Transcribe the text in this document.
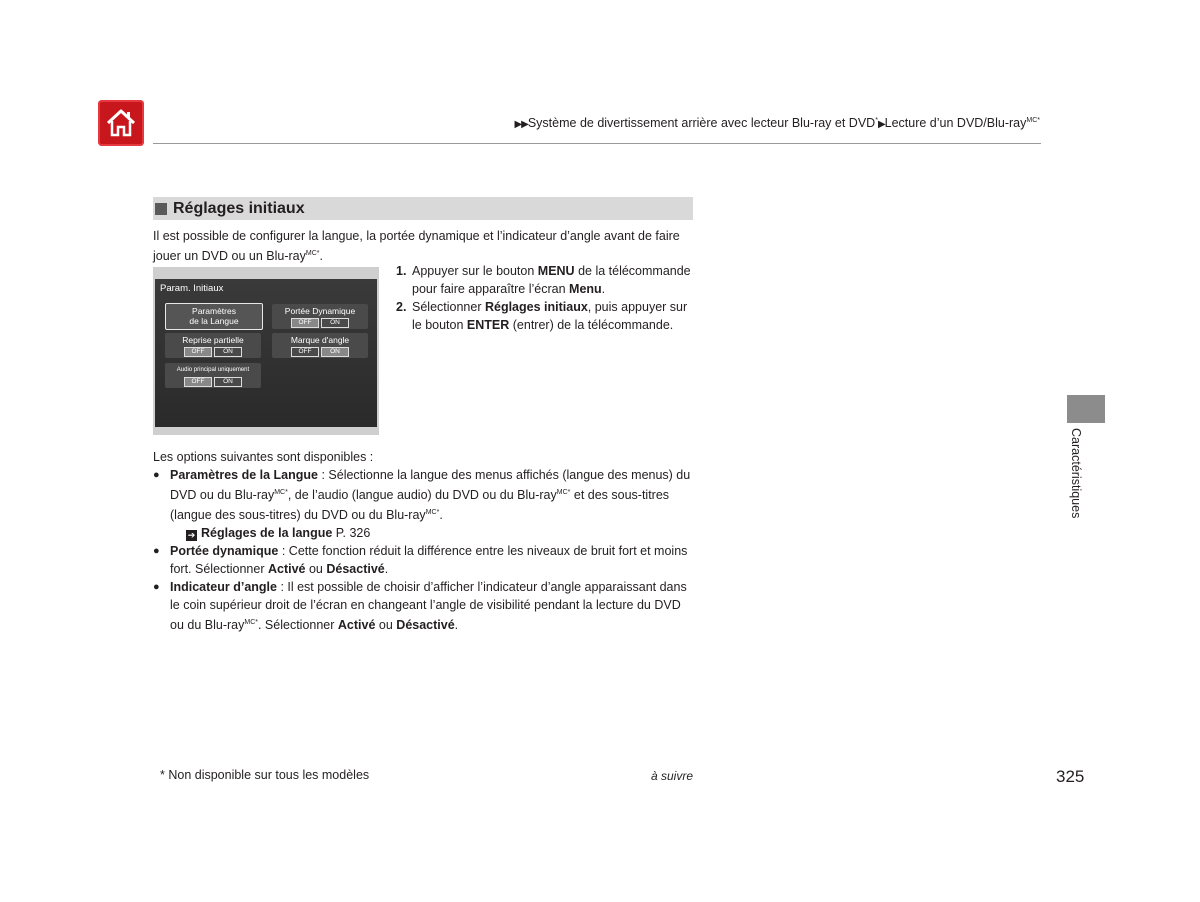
▶▶Système de divertissement arrière avec lecteur Blu-ray et DVD*▶Lecture d’un DVD/Blu-ray$^{MC*}$
Réglages initiaux
Il est possible de configurer la langue, la portée dynamique et l’indicateur d’angle avant de faire jouer un DVD ou un Blu-ray$^{MC*}$.
Param. Initiaux
Paramètres
de la Langue
Portée Dynamique
OFF	ON
Reprise partielle
OFF	ON
Marque d'angle
OFF	ON
Audio principal uniquement
OFF	ON
1. Appuyer sur le bouton MENU de la télécommande pour faire apparaître l’écran Menu.
2. Sélectionner Réglages initiaux, puis appuyer sur le bouton ENTER (entrer) de la télécommande.
Les options suivantes sont disponibles :
● Paramètres de la Langue : Sélectionne la langue des menus affichés (langue des menus) du DVD ou du Blu-ray$^{MC*}$, de l’audio (langue audio) du DVD ou du Blu-ray$^{MC*}$ et des sous-titres (langue des sous-titres) du DVD ou du Blu-ray$^{MC*}$.
➔ Réglages de la langue P. 326
● Portée dynamique : Cette fonction réduit la différence entre les niveaux de bruit fort et moins fort. Sélectionner Activé ou Désactivé.
● Indicateur d’angle : Il est possible de choisir d’afficher l’indicateur d’angle apparaissant dans le coin supérieur droit de l’écran en changeant l’angle de visibilité pendant la lecture du DVD ou du Blu-ray$^{MC*}$. Sélectionner Activé ou Désactivé.
Caractéristiques
* Non disponible sur tous les modèles	à suivre	325
